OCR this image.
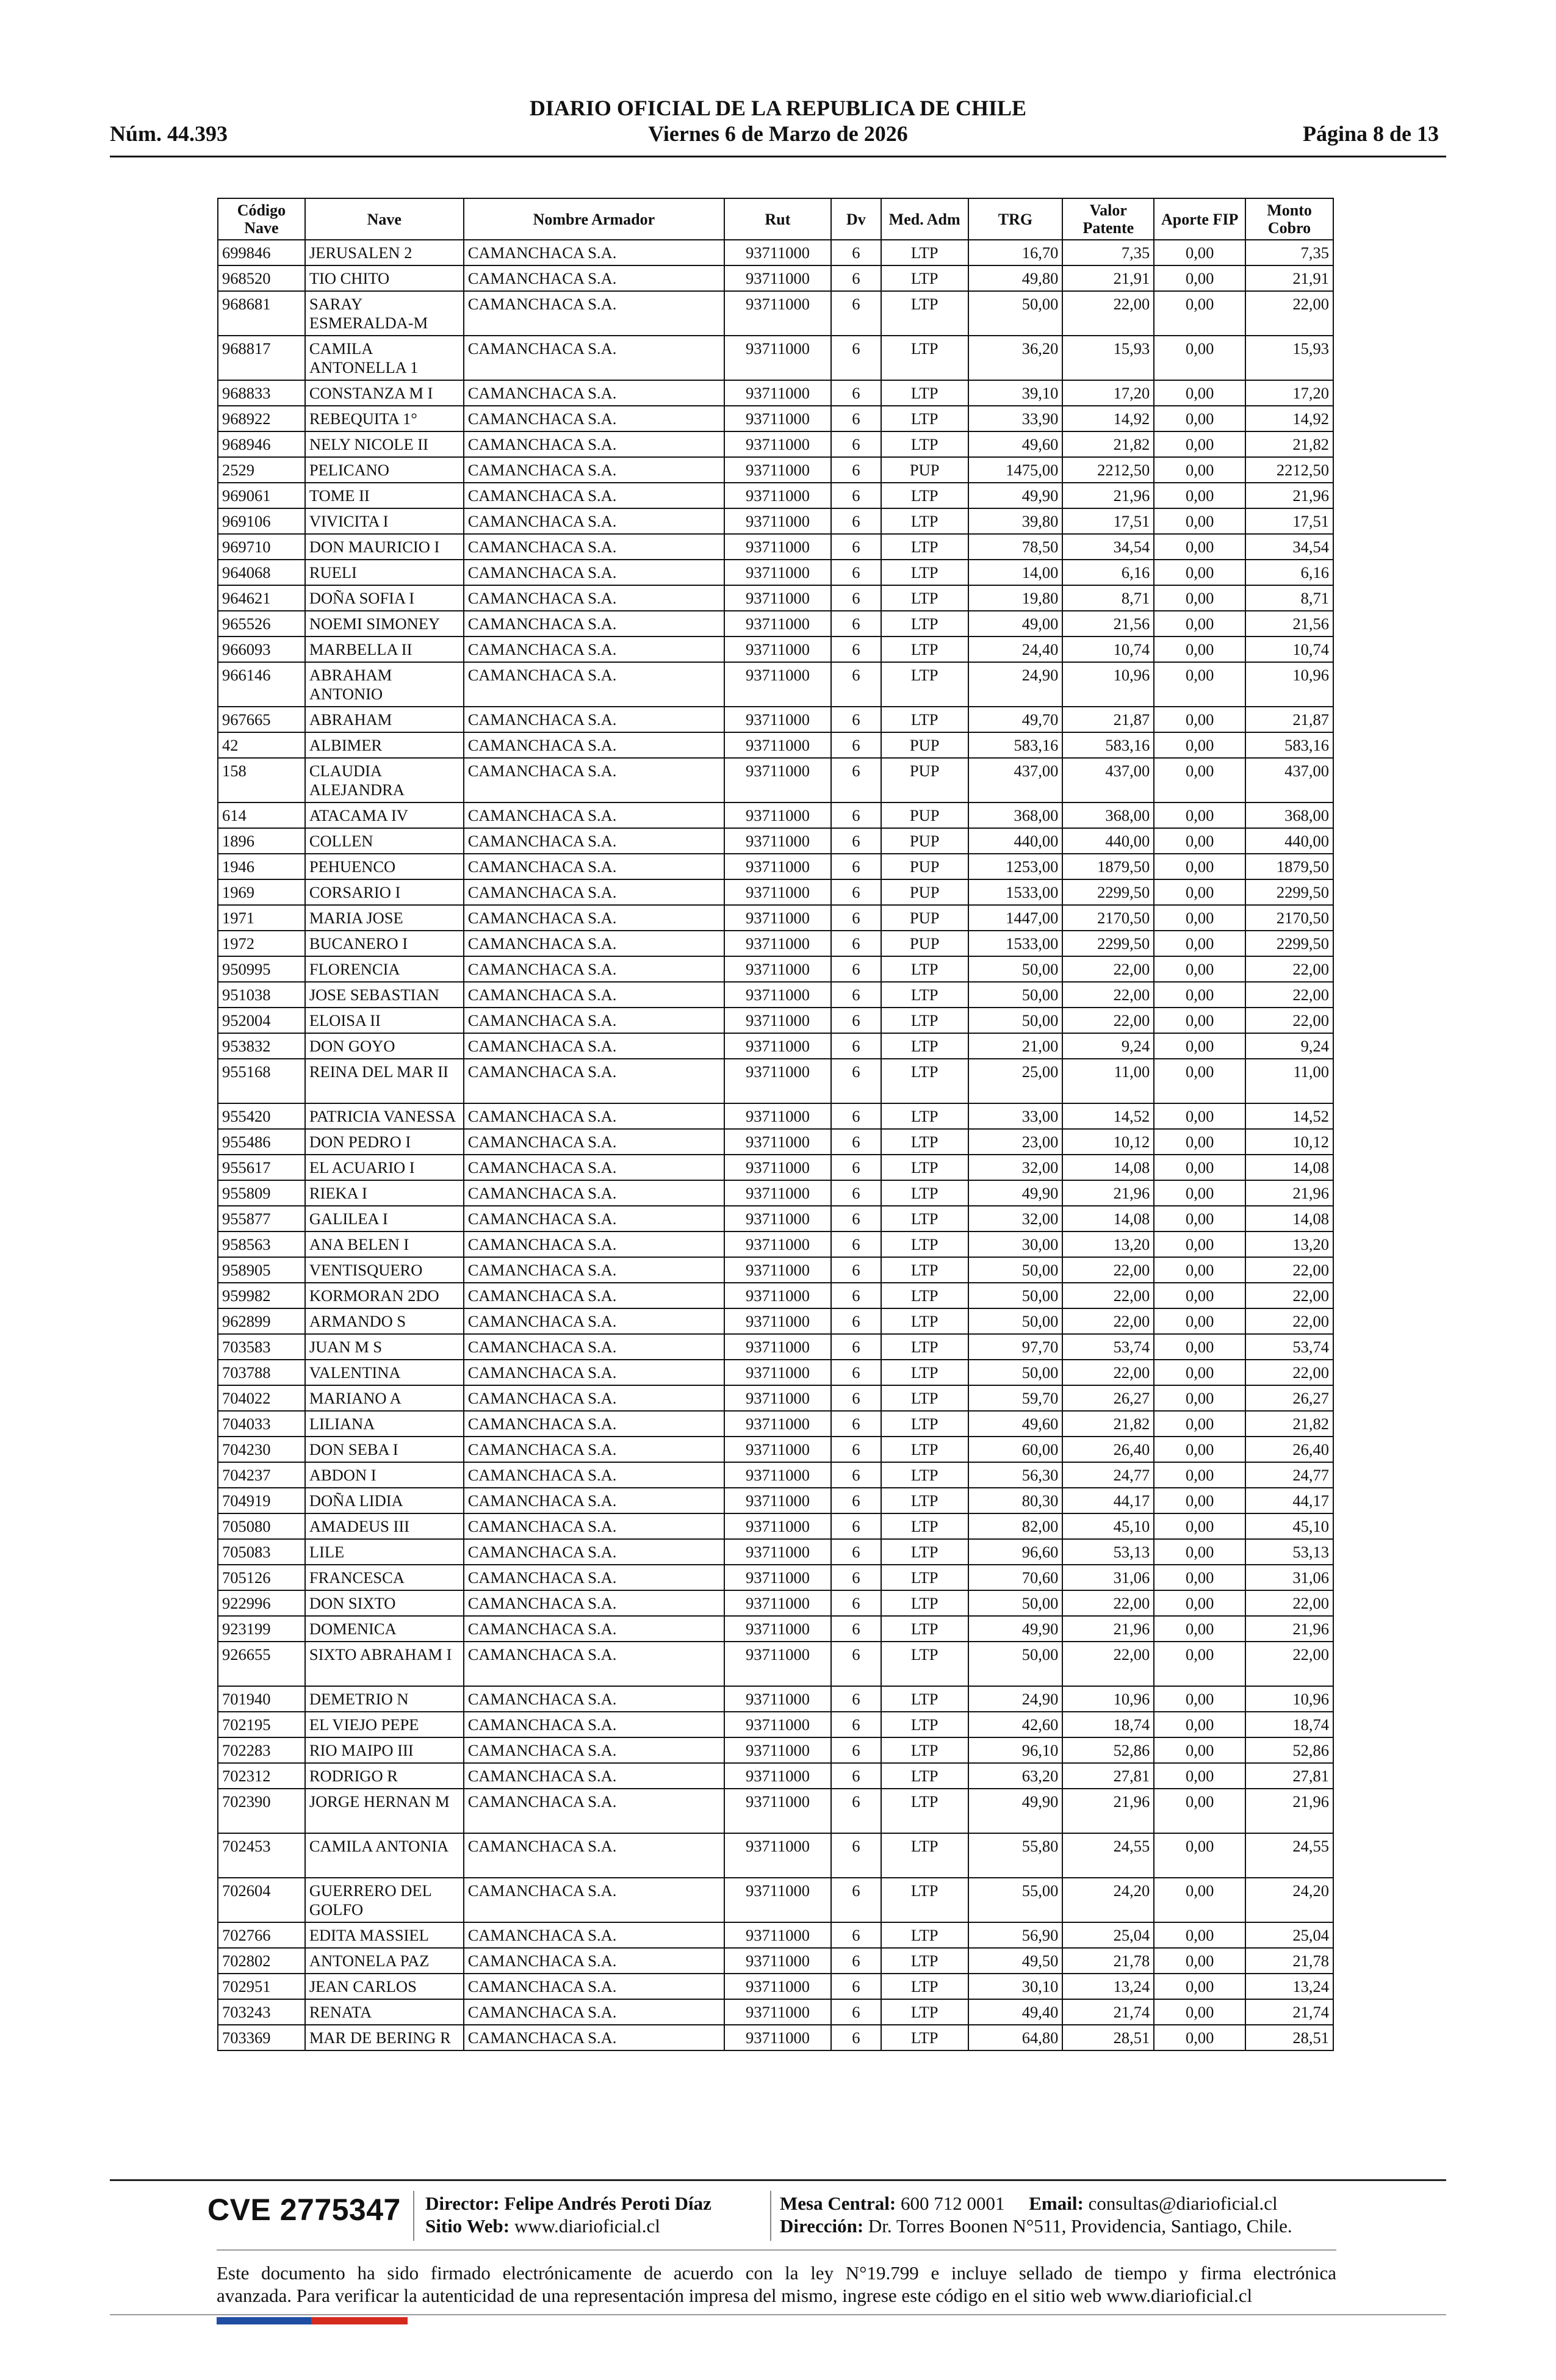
DIARIO OFICIAL DE LA REPUBLICA DE CHILE
Núm. 44.393	Viernes 6 de Marzo de 2026	Página 8 de 13
Código Nave	Nave	Nombre Armador	Rut	Dv	Med. Adm	TRG	Valor Patente	Aporte FIP	Monto Cobro
699846	JERUSALEN 2	CAMANCHACA S.A.	93711000	6	LTP	16,70	7,35	0,00	7,35
968520	TIO CHITO	CAMANCHACA S.A.	93711000	6	LTP	49,80	21,91	0,00	21,91
968681	SARAY ESMERALDA-M	CAMANCHACA S.A.	93711000	6	LTP	50,00	22,00	0,00	22,00
968817	CAMILA ANTONELLA 1	CAMANCHACA S.A.	93711000	6	LTP	36,20	15,93	0,00	15,93
968833	CONSTANZA M I	CAMANCHACA S.A.	93711000	6	LTP	39,10	17,20	0,00	17,20
968922	REBEQUITA 1°	CAMANCHACA S.A.	93711000	6	LTP	33,90	14,92	0,00	14,92
968946	NELY NICOLE II	CAMANCHACA S.A.	93711000	6	LTP	49,60	21,82	0,00	21,82
2529	PELICANO	CAMANCHACA S.A.	93711000	6	PUP	1475,00	2212,50	0,00	2212,50
969061	TOME II	CAMANCHACA S.A.	93711000	6	LTP	49,90	21,96	0,00	21,96
969106	VIVICITA I	CAMANCHACA S.A.	93711000	6	LTP	39,80	17,51	0,00	17,51
969710	DON MAURICIO I	CAMANCHACA S.A.	93711000	6	LTP	78,50	34,54	0,00	34,54
964068	RUELI	CAMANCHACA S.A.	93711000	6	LTP	14,00	6,16	0,00	6,16
964621	DOÑA SOFIA I	CAMANCHACA S.A.	93711000	6	LTP	19,80	8,71	0,00	8,71
965526	NOEMI SIMONEY	CAMANCHACA S.A.	93711000	6	LTP	49,00	21,56	0,00	21,56
966093	MARBELLA II	CAMANCHACA S.A.	93711000	6	LTP	24,40	10,74	0,00	10,74
966146	ABRAHAM ANTONIO	CAMANCHACA S.A.	93711000	6	LTP	24,90	10,96	0,00	10,96
967665	ABRAHAM	CAMANCHACA S.A.	93711000	6	LTP	49,70	21,87	0,00	21,87
42	ALBIMER	CAMANCHACA S.A.	93711000	6	PUP	583,16	583,16	0,00	583,16
158	CLAUDIA ALEJANDRA	CAMANCHACA S.A.	93711000	6	PUP	437,00	437,00	0,00	437,00
614	ATACAMA IV	CAMANCHACA S.A.	93711000	6	PUP	368,00	368,00	0,00	368,00
1896	COLLEN	CAMANCHACA S.A.	93711000	6	PUP	440,00	440,00	0,00	440,00
1946	PEHUENCO	CAMANCHACA S.A.	93711000	6	PUP	1253,00	1879,50	0,00	1879,50
1969	CORSARIO I	CAMANCHACA S.A.	93711000	6	PUP	1533,00	2299,50	0,00	2299,50
1971	MARIA JOSE	CAMANCHACA S.A.	93711000	6	PUP	1447,00	2170,50	0,00	2170,50
1972	BUCANERO I	CAMANCHACA S.A.	93711000	6	PUP	1533,00	2299,50	0,00	2299,50
950995	FLORENCIA	CAMANCHACA S.A.	93711000	6	LTP	50,00	22,00	0,00	22,00
951038	JOSE SEBASTIAN	CAMANCHACA S.A.	93711000	6	LTP	50,00	22,00	0,00	22,00
952004	ELOISA II	CAMANCHACA S.A.	93711000	6	LTP	50,00	22,00	0,00	22,00
953832	DON GOYO	CAMANCHACA S.A.	93711000	6	LTP	21,00	9,24	0,00	9,24
955168	REINA DEL MAR II	CAMANCHACA S.A.	93711000	6	LTP	25,00	11,00	0,00	11,00
955420	PATRICIA VANESSA	CAMANCHACA S.A.	93711000	6	LTP	33,00	14,52	0,00	14,52
955486	DON PEDRO I	CAMANCHACA S.A.	93711000	6	LTP	23,00	10,12	0,00	10,12
955617	EL ACUARIO I	CAMANCHACA S.A.	93711000	6	LTP	32,00	14,08	0,00	14,08
955809	RIEKA I	CAMANCHACA S.A.	93711000	6	LTP	49,90	21,96	0,00	21,96
955877	GALILEA I	CAMANCHACA S.A.	93711000	6	LTP	32,00	14,08	0,00	14,08
958563	ANA BELEN I	CAMANCHACA S.A.	93711000	6	LTP	30,00	13,20	0,00	13,20
958905	VENTISQUERO	CAMANCHACA S.A.	93711000	6	LTP	50,00	22,00	0,00	22,00
959982	KORMORAN 2DO	CAMANCHACA S.A.	93711000	6	LTP	50,00	22,00	0,00	22,00
962899	ARMANDO S	CAMANCHACA S.A.	93711000	6	LTP	50,00	22,00	0,00	22,00
703583	JUAN M S	CAMANCHACA S.A.	93711000	6	LTP	97,70	53,74	0,00	53,74
703788	VALENTINA	CAMANCHACA S.A.	93711000	6	LTP	50,00	22,00	0,00	22,00
704022	MARIANO A	CAMANCHACA S.A.	93711000	6	LTP	59,70	26,27	0,00	26,27
704033	LILIANA	CAMANCHACA S.A.	93711000	6	LTP	49,60	21,82	0,00	21,82
704230	DON SEBA I	CAMANCHACA S.A.	93711000	6	LTP	60,00	26,40	0,00	26,40
704237	ABDON I	CAMANCHACA S.A.	93711000	6	LTP	56,30	24,77	0,00	24,77
704919	DOÑA LIDIA	CAMANCHACA S.A.	93711000	6	LTP	80,30	44,17	0,00	44,17
705080	AMADEUS III	CAMANCHACA S.A.	93711000	6	LTP	82,00	45,10	0,00	45,10
705083	LILE	CAMANCHACA S.A.	93711000	6	LTP	96,60	53,13	0,00	53,13
705126	FRANCESCA	CAMANCHACA S.A.	93711000	6	LTP	70,60	31,06	0,00	31,06
922996	DON SIXTO	CAMANCHACA S.A.	93711000	6	LTP	50,00	22,00	0,00	22,00
923199	DOMENICA	CAMANCHACA S.A.	93711000	6	LTP	49,90	21,96	0,00	21,96
926655	SIXTO ABRAHAM I	CAMANCHACA S.A.	93711000	6	LTP	50,00	22,00	0,00	22,00
701940	DEMETRIO N	CAMANCHACA S.A.	93711000	6	LTP	24,90	10,96	0,00	10,96
702195	EL VIEJO PEPE	CAMANCHACA S.A.	93711000	6	LTP	42,60	18,74	0,00	18,74
702283	RIO MAIPO III	CAMANCHACA S.A.	93711000	6	LTP	96,10	52,86	0,00	52,86
702312	RODRIGO R	CAMANCHACA S.A.	93711000	6	LTP	63,20	27,81	0,00	27,81
702390	JORGE HERNAN M	CAMANCHACA S.A.	93711000	6	LTP	49,90	21,96	0,00	21,96
702453	CAMILA ANTONIA	CAMANCHACA S.A.	93711000	6	LTP	55,80	24,55	0,00	24,55
702604	GUERRERO DEL GOLFO	CAMANCHACA S.A.	93711000	6	LTP	55,00	24,20	0,00	24,20
702766	EDITA MASSIEL	CAMANCHACA S.A.	93711000	6	LTP	56,90	25,04	0,00	25,04
702802	ANTONELA PAZ	CAMANCHACA S.A.	93711000	6	LTP	49,50	21,78	0,00	21,78
702951	JEAN CARLOS	CAMANCHACA S.A.	93711000	6	LTP	30,10	13,24	0,00	13,24
703243	RENATA	CAMANCHACA S.A.	93711000	6	LTP	49,40	21,74	0,00	21,74
703369	MAR DE BERING R	CAMANCHACA S.A.	93711000	6	LTP	64,80	28,51	0,00	28,51
CVE 2775347 Director: Felipe Andrés Peroti Díaz
Sitio Web: www.diarioficial.cl
Mesa Central: 600 712 0001 Email: consultas@diarioficial.cl
Dirección: Dr. Torres Boonen N°511, Providencia, Santiago, Chile.
Este documento ha sido firmado electrónicamente de acuerdo con la ley N°19.799 e incluye sellado de tiempo y firma electrónica
avanzada. Para verificar la autenticidad de una representación impresa del mismo, ingrese este código en el sitio web www.diarioficial.cl
